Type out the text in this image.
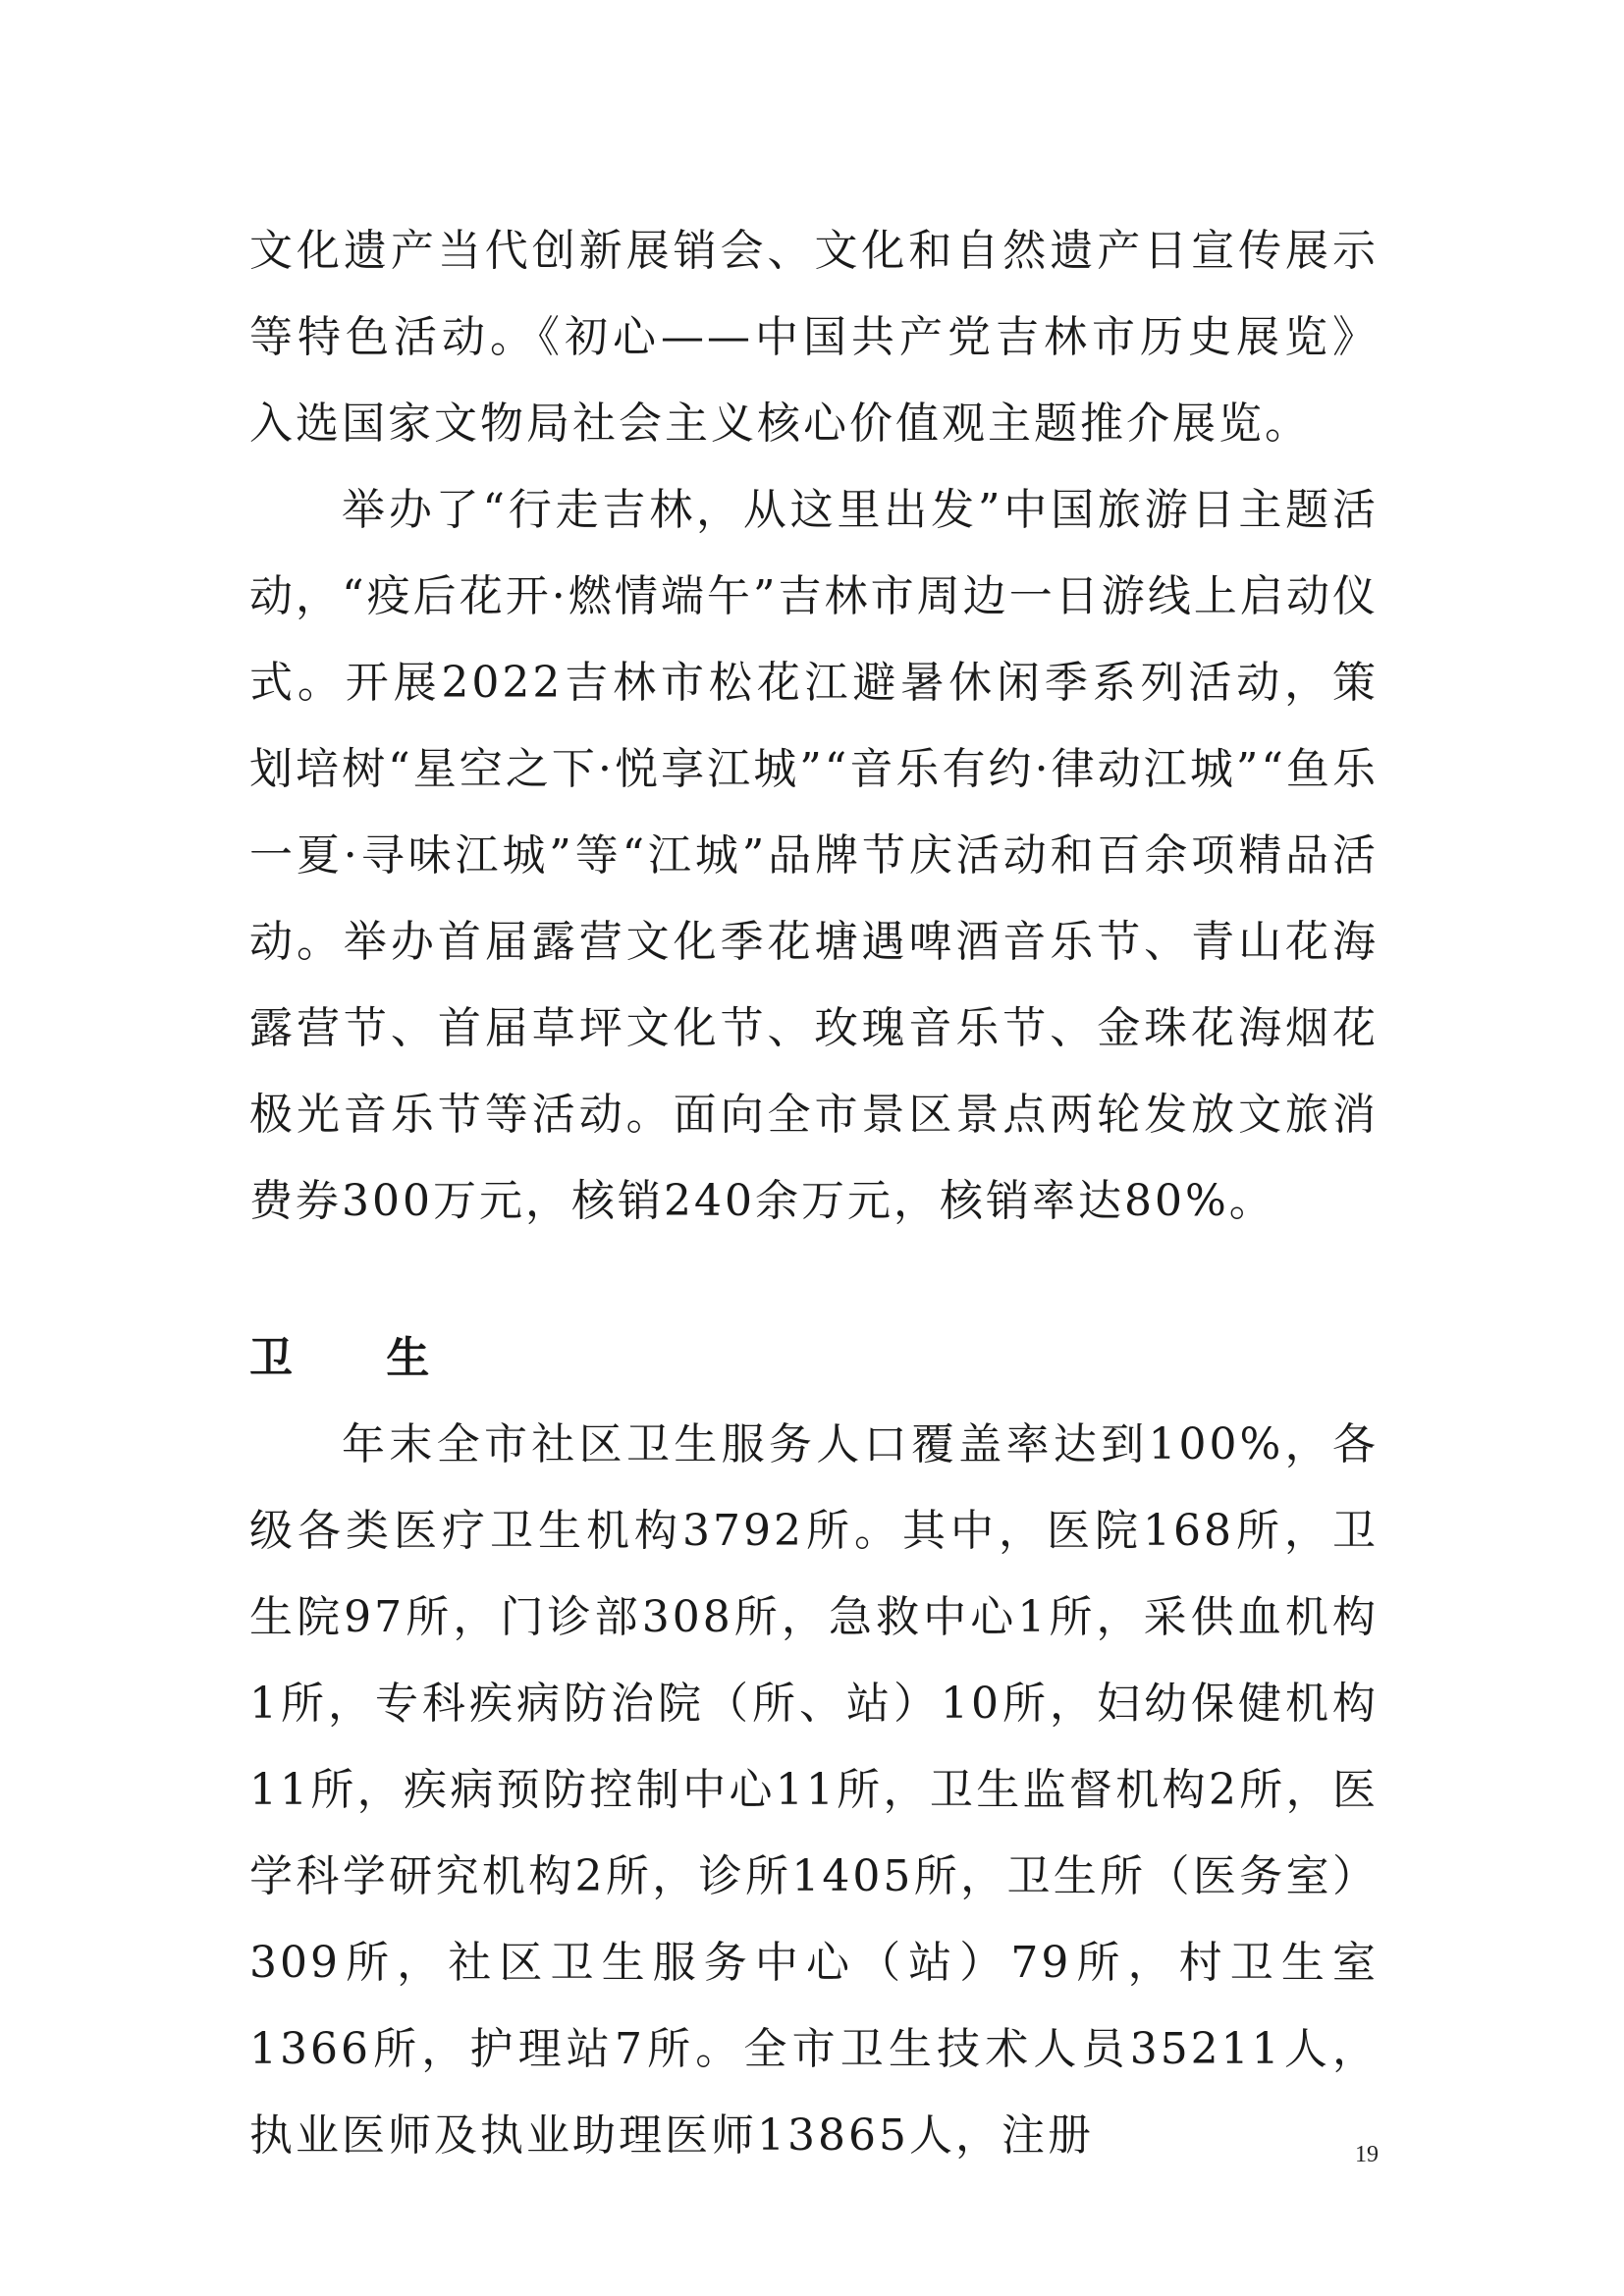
文化遗产当代创新展销会、文化和自然遗产日宣传展示等特色活动。《初心——中国共产党吉林市历史展览》入选国家文物局社会主义核心价值观主题推介展览。

举办了“行走吉林，从这里出发”中国旅游日主题活动，“疫后花开·燃情端午”吉林市周边一日游线上启动仪式。开展2022吉林市松花江避暑休闲季系列活动，策划培树“星空之下·悦享江城”“音乐有约·律动江城”“鱼乐一夏·寻味江城”等“江城”品牌节庆活动和百余项精品活动。举办首届露营文化季花塘遇啤酒音乐节、青山花海露营节、首届草坪文化节、玫瑰音乐节、金珠花海烟花极光音乐节等活动。面向全市景区景点两轮发放文旅消费券300万元，核销240余万元，核销率达80%。

卫 生

年末全市社区卫生服务人口覆盖率达到100%，各级各类医疗卫生机构3792所。其中，医院168所，卫生院97所，门诊部308所，急救中心1所，采供血机构1所，专科疾病防治院（所、站）10所，妇幼保健机构11所，疾病预防控制中心11所，卫生监督机构2所，医学科学研究机构2所，诊所1405所，卫生所（医务室）309所，社区卫生服务中心（站）79所，村卫生室1366所，护理站7所。全市卫生技术人员35211人，执业医师及执业助理医师13865人，注册	19
